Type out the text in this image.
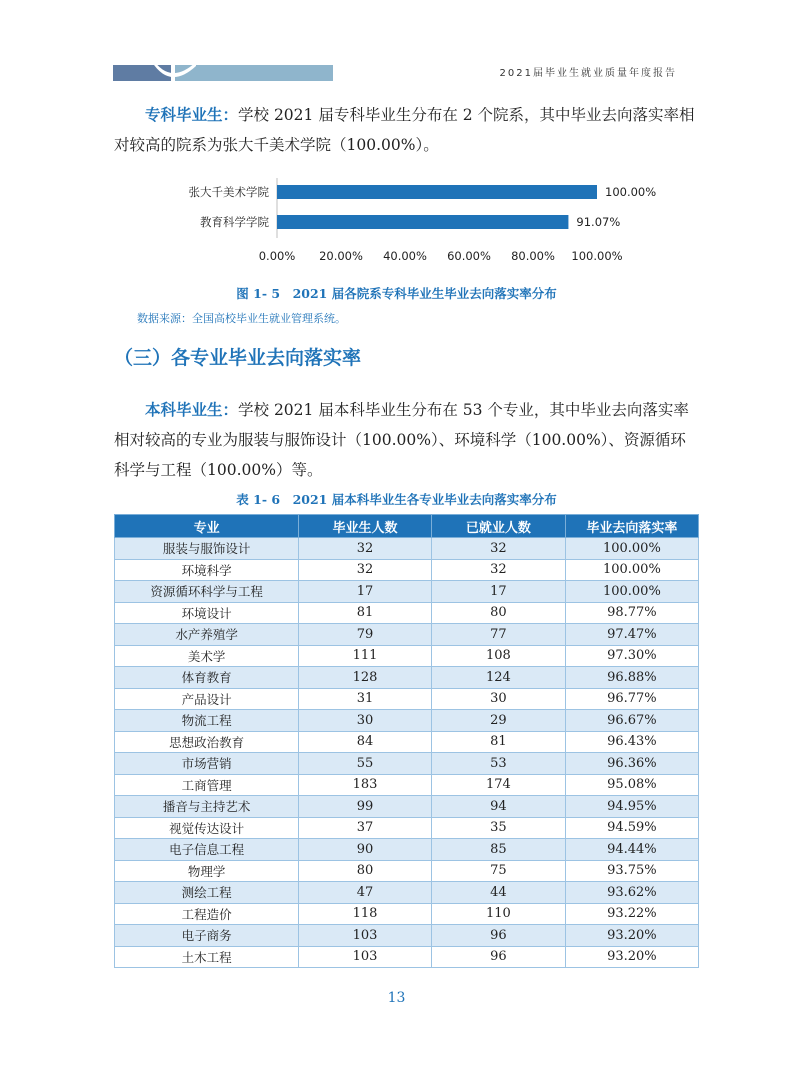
2021届毕业生就业质量年度报告
专科毕业生：学校 2021 届专科毕业生分布在 2 个院系，其中毕业去向落实率相对较高的院系为张大千美术学院（100.00%）。
张大千美术学院	100.00%
教育科学学院	91.07%
0.00% 20.00% 40.00% 60.00% 80.00% 100.00%
图 1- 5　2021 届各院系专科毕业生毕业去向落实率分布
数据来源：全国高校毕业生就业管理系统。
（三）各专业毕业去向落实率
本科毕业生：学校 2021 届本科毕业生分布在 53 个专业，其中毕业去向落实率相对较高的专业为服装与服饰设计（100.00%）、环境科学（100.00%）、资源循环科学与工程（100.00%）等。
表 1- 6　2021 届本科毕业生各专业毕业去向落实率分布
专业	毕业生人数	已就业人数	毕业去向落实率
服装与服饰设计	32	32	100.00%
环境科学	32	32	100.00%
资源循环科学与工程	17	17	100.00%
环境设计	81	80	98.77%
水产养殖学	79	77	97.47%
美术学	111	108	97.30%
体育教育	128	124	96.88%
产品设计	31	30	96.77%
物流工程	30	29	96.67%
思想政治教育	84	81	96.43%
市场营销	55	53	96.36%
工商管理	183	174	95.08%
播音与主持艺术	99	94	94.95%
视觉传达设计	37	35	94.59%
电子信息工程	90	85	94.44%
物理学	80	75	93.75%
测绘工程	47	44	93.62%
工程造价	118	110	93.22%
电子商务	103	96	93.20%
土木工程	103	96	93.20%
13
